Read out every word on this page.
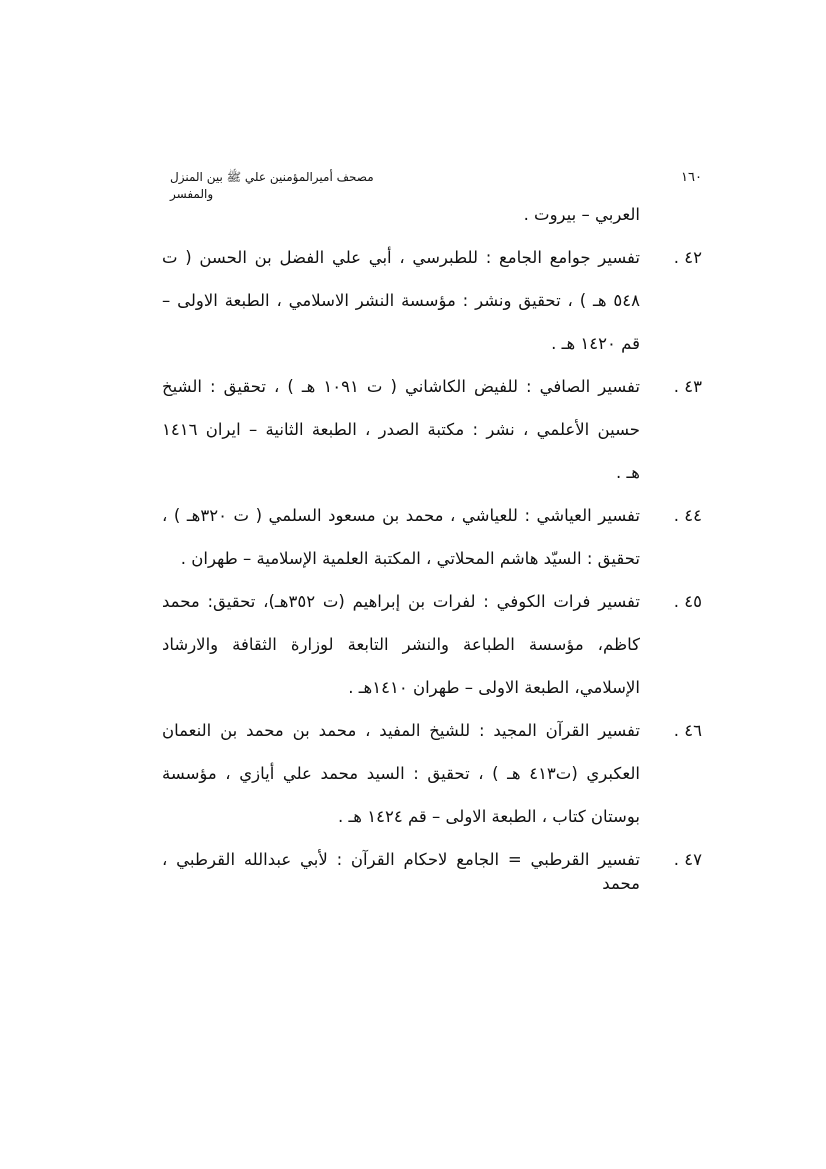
مصحف أميرالمؤمنين علي ﷺ بين المنزل والمفسر
١٦٠
العربي – بيروت .
٤٢ .
تفسير جوامع الجامع : للطبرسي ، أبي علي الفضل بن الحسن ( ت
٥٤٨ هـ ) ، تحقيق ونشر : مؤسسة النشر الاسلامي ، الطبعة الاولى –
قم ١٤٢٠ هـ .
٤٣ .
تفسير الصافي : للفيض الكاشاني ( ت ١٠٩١ هـ ) ، تحقيق : الشيخ
حسين الأعلمي ، نشر : مكتبة الصدر ، الطبعة الثانية – ايران ١٤١٦
هـ .
٤٤ .
تفسير العياشي : للعياشي ، محمد بن مسعود السلمي ( ت ٣٢٠هـ ) ،
تحقيق : السيّد هاشم المحلاتي ، المكتبة العلمية الإسلامية – طهران .
٤٥ .
تفسير فرات الكوفي : لفرات بن إبراهيم (ت ٣٥٢هـ)، تحقيق: محمد
كاظم، مؤسسة الطباعة والنشر التابعة لوزارة الثقافة والارشاد
الإسلامي، الطبعة الاولى – طهران ١٤١٠هـ .
٤٦ .
تفسير القرآن المجيد : للشيخ المفيد ، محمد بن محمد بن النعمان
العكبري (ت٤١٣ هـ ) ، تحقيق : السيد محمد علي أيازي ، مؤسسة
بوستان كتاب ، الطبعة الاولى – قم ١٤٢٤ هـ .
٤٧ .
تفسير القرطبي = الجامع لاحكام القرآن : لأبي عبدالله القرطبي ، محمد
